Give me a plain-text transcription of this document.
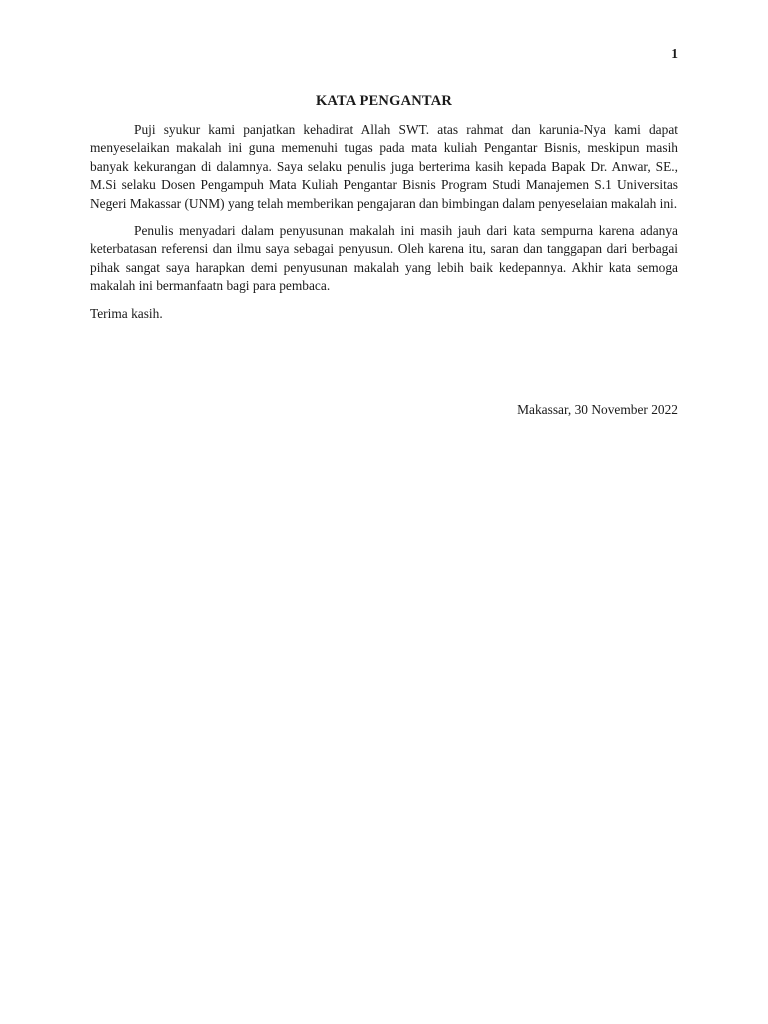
1
KATA PENGANTAR

Puji syukur kami panjatkan kehadirat Allah SWT. atas rahmat dan karunia-Nya kami dapat menyeselaikan makalah ini guna memenuhi tugas pada mata kuliah Pengantar Bisnis, meskipun masih banyak kekurangan di dalamnya. Saya selaku penulis juga berterima kasih kepada Bapak Dr. Anwar, SE., M.Si selaku Dosen Pengampuh Mata Kuliah Pengantar Bisnis Program Studi Manajemen S.1 Universitas Negeri Makassar (UNM) yang telah memberikan pengajaran dan bimbingan dalam penyeselaian makalah ini.

Penulis menyadari dalam penyusunan makalah ini masih jauh dari kata sempurna karena adanya keterbatasan referensi dan ilmu saya sebagai penyusun. Oleh karena itu, saran dan tanggapan dari berbagai pihak sangat saya harapkan demi penyusunan makalah yang lebih baik kedepannya. Akhir kata semoga makalah ini bermanfaatn bagi para pembaca.

Terima kasih.

Makassar, 30 November 2022
